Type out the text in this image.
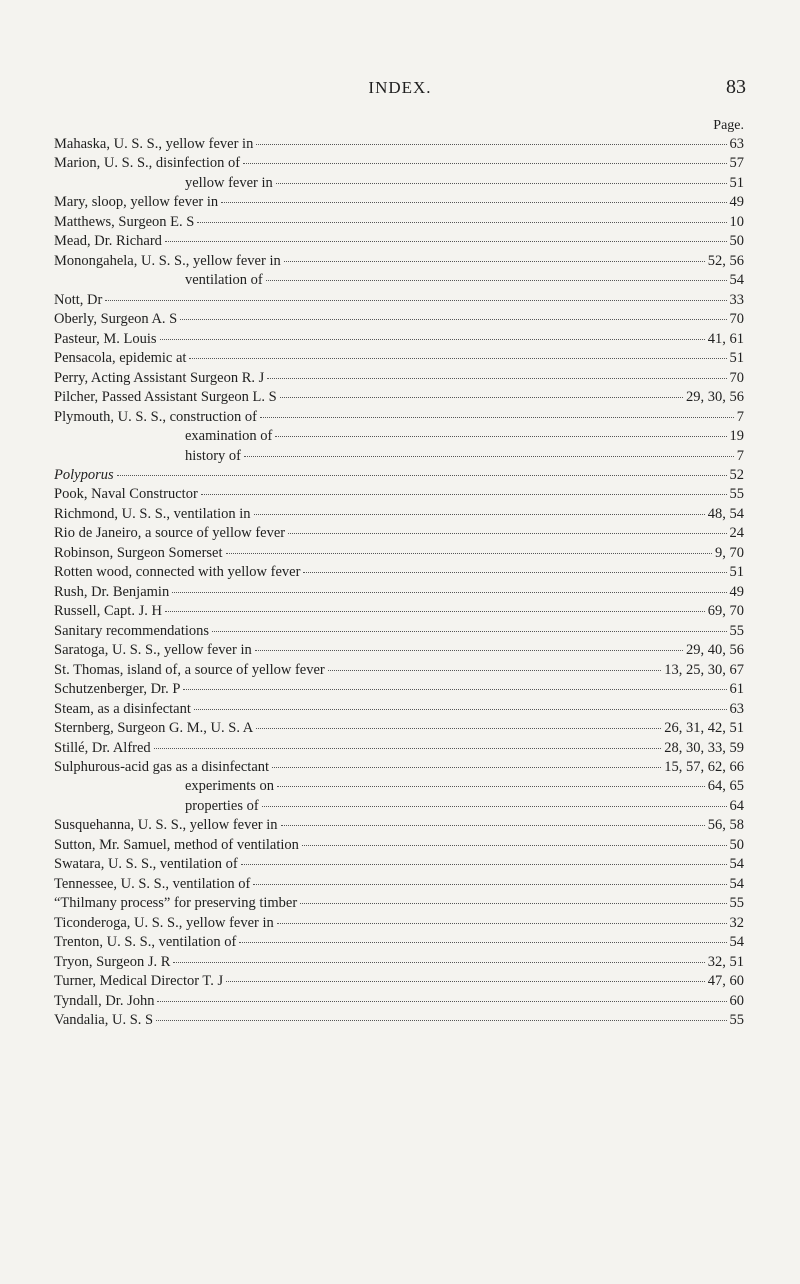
INDEX.	83
Page.
Mahaska, U. S. S., yellow fever in	63
Marion, U. S. S., disinfection of	57
yellow fever in	51
Mary, sloop, yellow fever in	49
Matthews, Surgeon E. S	10
Mead, Dr. Richard	50
Monongahela, U. S. S., yellow fever in	52, 56
ventilation of	54
Nott, Dr	33
Oberly, Surgeon A. S	70
Pasteur, M. Louis	41, 61
Pensacola, epidemic at	51
Perry, Acting Assistant Surgeon R. J	70
Pilcher, Passed Assistant Surgeon L. S	29, 30, 56
Plymouth, U. S. S., construction of	7
examination of	19
history of	7
Polyporus	52
Pook, Naval Constructor	55
Richmond, U. S. S., ventilation in	48, 54
Rio de Janeiro, a source of yellow fever	24
Robinson, Surgeon Somerset	9, 70
Rotten wood, connected with yellow fever	51
Rush, Dr. Benjamin	49
Russell, Capt. J. H	69, 70
Sanitary recommendations	55
Saratoga, U. S. S., yellow fever in	29, 40, 56
St. Thomas, island of, a source of yellow fever	13, 25, 30, 67
Schutzenberger, Dr. P	61
Steam, as a disinfectant	63
Sternberg, Surgeon G. M., U. S. A	26, 31, 42, 51
Stillé, Dr. Alfred	28, 30, 33, 59
Sulphurous-acid gas as a disinfectant	15, 57, 62, 66
experiments on	64, 65
properties of	64
Susquehanna, U. S. S., yellow fever in	56, 58
Sutton, Mr. Samuel, method of ventilation	50
Swatara, U. S. S., ventilation of	54
Tennessee, U. S. S., ventilation of	54
“Thilmany process” for preserving timber	55
Ticonderoga, U. S. S., yellow fever in	32
Trenton, U. S. S., ventilation of	54
Tryon, Surgeon J. R	32, 51
Turner, Medical Director T. J	47, 60
Tyndall, Dr. John	60
Vandalia, U. S. S	55
